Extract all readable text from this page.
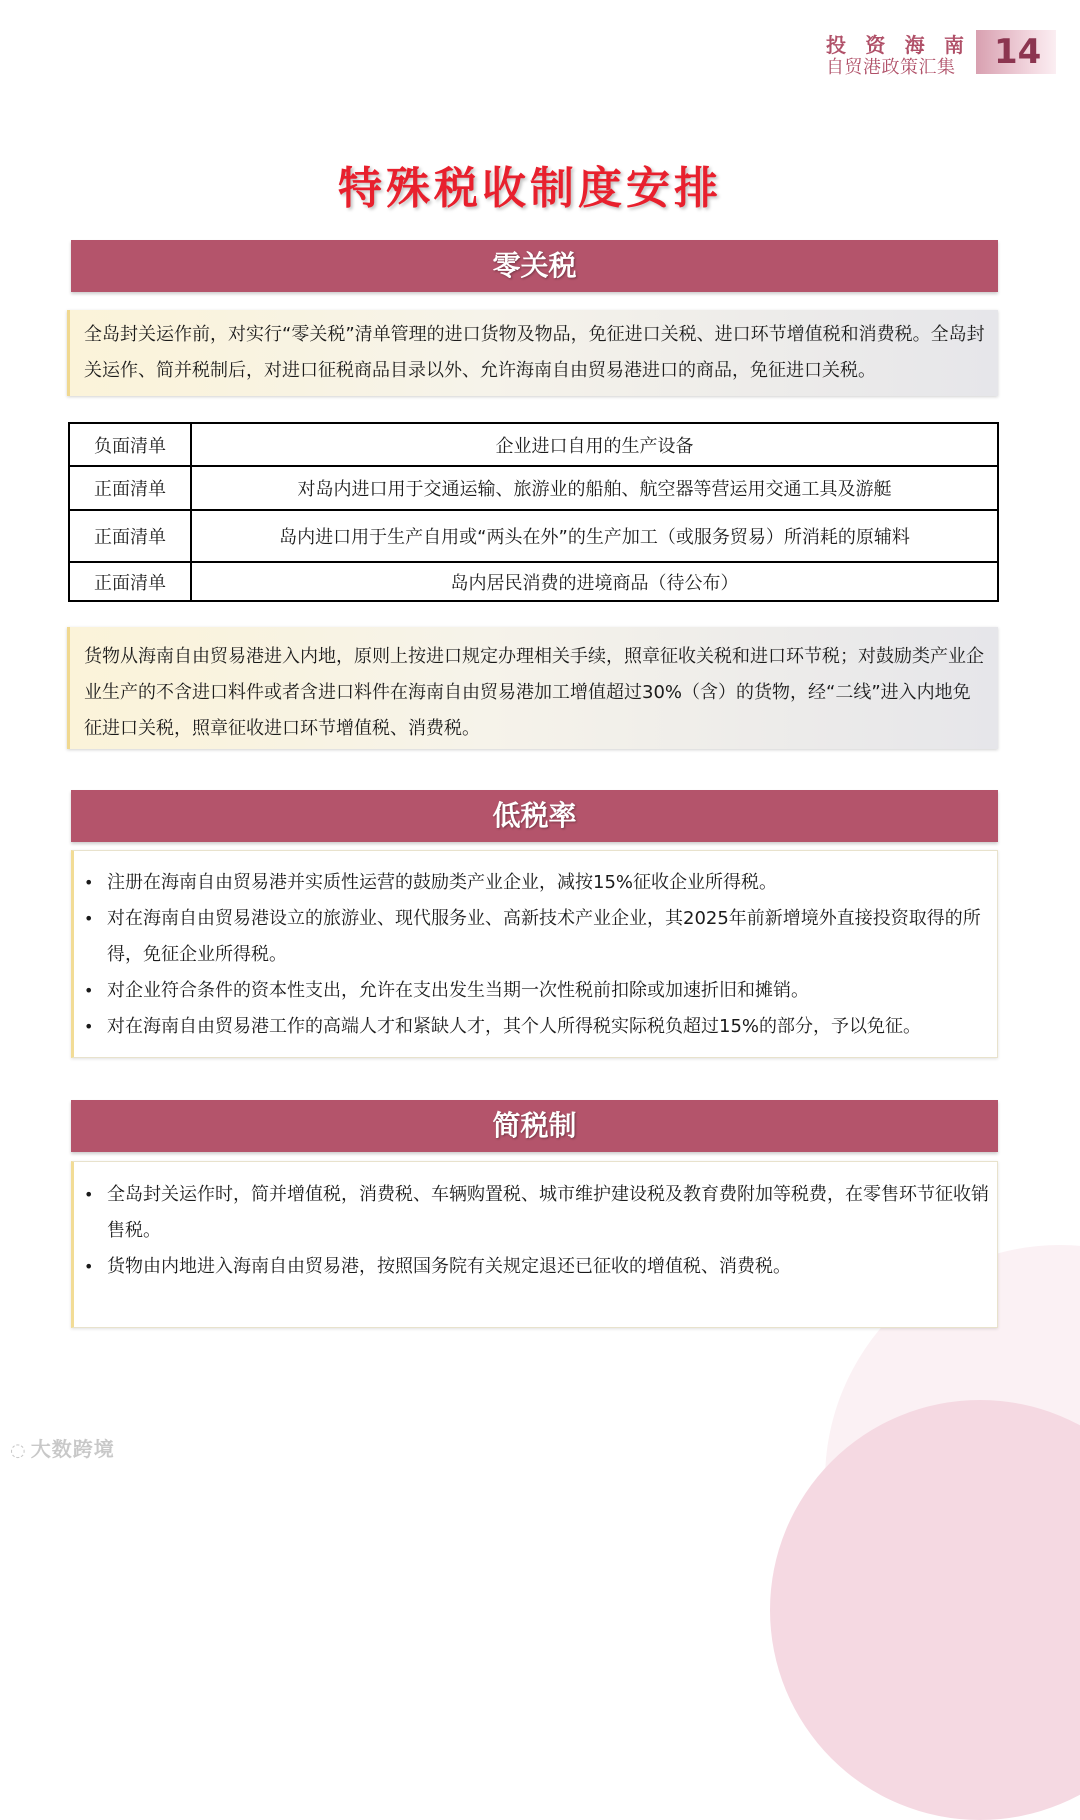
投 资 海 南
自贸港政策汇集	14
特殊税收制度安排
零关税
全岛封关运作前，对实行“零关税”清单管理的进口货物及物品，免征进口关税、进口环节增值税和消费税。全岛封关运作、简并税制后，对进口征税商品目录以外、允许海南自由贸易港进口的商品，免征进口关税。
负面清单	企业进口自用的生产设备
正面清单	对岛内进口用于交通运输、旅游业的船舶、航空器等营运用交通工具及游艇
正面清单	岛内进口用于生产自用或“两头在外”的生产加工（或服务贸易）所消耗的原辅料
正面清单	岛内居民消费的进境商品（待公布）
货物从海南自由贸易港进入内地，原则上按进口规定办理相关手续，照章征收关税和进口环节税；对鼓励类产业企业生产的不含进口料件或者含进口料件在海南自由贸易港加工增值超过30%（含）的货物，经“二线”进入内地免征进口关税，照章征收进口环节增值税、消费税。
低税率
• 注册在海南自由贸易港并实质性运营的鼓励类产业企业，减按15%征收企业所得税。
• 对在海南自由贸易港设立的旅游业、现代服务业、高新技术产业企业，其2025年前新增境外直接投资取得的所得，免征企业所得税。
• 对企业符合条件的资本性支出，允许在支出发生当期一次性税前扣除或加速折旧和摊销。
• 对在海南自由贸易港工作的高端人才和紧缺人才，其个人所得税实际税负超过15%的部分，予以免征。
简税制
• 全岛封关运作时，简并增值税，消费税、车辆购置税、城市维护建设税及教育费附加等税费，在零售环节征收销售税。
• 货物由内地进入海南自由贸易港，按照国务院有关规定退还已征收的增值税、消费税。
◌ 大数跨境
